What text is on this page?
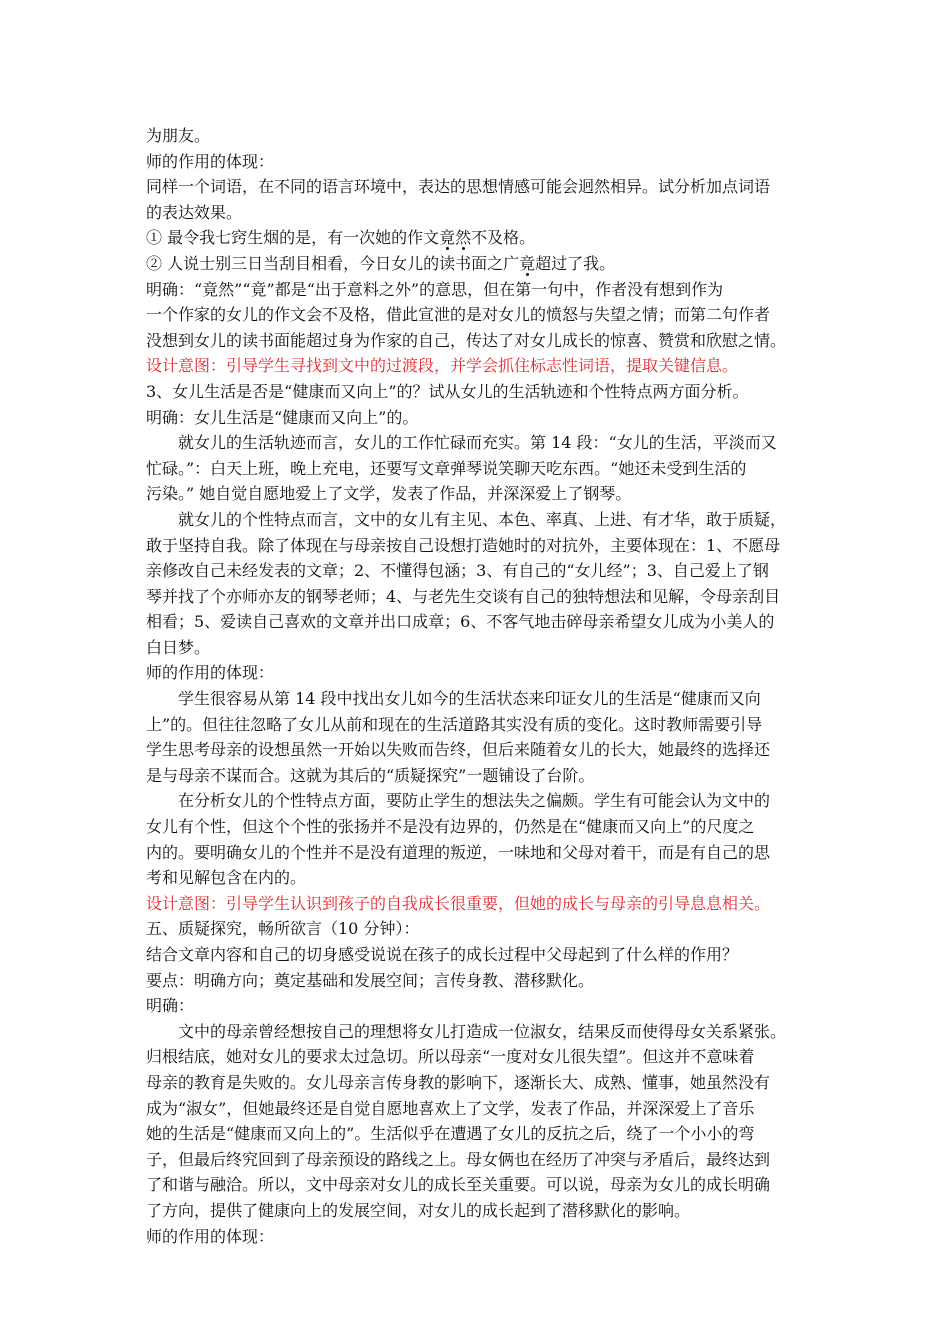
为朋友。
师的作用的体现：
同样一个词语，在不同的语言环境中，表达的思想情感可能会迥然相异。试分析加点词语
的表达效果。
① 最令我七窍生烟的是，有一次她的作文竟然不及格。
② 人说士别三日当刮目相看，今日女儿的读书面之广竟超过了我。
明确：“竟然”“竟”都是“出于意料之外”的意思，但在第一句中，作者没有想到作为
一个作家的女儿的作文会不及格，借此宣泄的是对女儿的愤怒与失望之情；而第二句作者
没想到女儿的读书面能超过身为作家的自己，传达了对女儿成长的惊喜、赞赏和欣慰之情。
设计意图：引导学生寻找到文中的过渡段，并学会抓住标志性词语，提取关键信息。
3、女儿生活是否是“健康而又向上”的？试从女儿的生活轨迹和个性特点两方面分析。
明确：女儿生活是“健康而又向上”的。
就女儿的生活轨迹而言，女儿的工作忙碌而充实。第 14 段：“女儿的生活，平淡而又
忙碌。”：白天上班，晚上充电，还要写文章弹琴说笑聊天吃东西。“她还未受到生活的
污染。” 她自觉自愿地爱上了文学，发表了作品，并深深爱上了钢琴。
就女儿的个性特点而言，文中的女儿有主见、本色、率真、上进、有才华，敢于质疑，
敢于坚持自我。除了体现在与母亲按自己设想打造她时的对抗外，主要体现在：1、不愿母
亲修改自己未经发表的文章；2、不懂得包涵；3、有自己的“女儿经”；3、自己爱上了钢
琴并找了个亦师亦友的钢琴老师；4、与老先生交谈有自己的独特想法和见解，令母亲刮目
相看；5、爱读自己喜欢的文章并出口成章；6、不客气地击碎母亲希望女儿成为小美人的
白日梦。
师的作用的体现：
学生很容易从第 14 段中找出女儿如今的生活状态来印证女儿的生活是“健康而又向
上”的。但往往忽略了女儿从前和现在的生活道路其实没有质的变化。这时教师需要引导
学生思考母亲的设想虽然一开始以失败而告终，但后来随着女儿的长大，她最终的选择还
是与母亲不谋而合。这就为其后的“质疑探究”一题铺设了台阶。
在分析女儿的个性特点方面，要防止学生的想法失之偏颇。学生有可能会认为文中的
女儿有个性，但这个个性的张扬并不是没有边界的，仍然是在“健康而又向上”的尺度之
内的。要明确女儿的个性并不是没有道理的叛逆，一味地和父母对着干，而是有自己的思
考和见解包含在内的。
设计意图：引导学生认识到孩子的自我成长很重要，但她的成长与母亲的引导息息相关。
五、质疑探究，畅所欲言（10 分钟）：
结合文章内容和自己的切身感受说说在孩子的成长过程中父母起到了什么样的作用？
要点：明确方向；奠定基础和发展空间；言传身教、潜移默化。
明确：
文中的母亲曾经想按自己的理想将女儿打造成一位淑女，结果反而使得母女关系紧张。
归根结底，她对女儿的要求太过急切。所以母亲“一度对女儿很失望”。但这并不意味着
母亲的教育是失败的。女儿母亲言传身教的影响下，逐渐长大、成熟、懂事，她虽然没有
成为“淑女”，但她最终还是自觉自愿地喜欢上了文学，发表了作品，并深深爱上了音乐
她的生活是“健康而又向上的”。生活似乎在遭遇了女儿的反抗之后，绕了一个小小的弯
子，但最后终究回到了母亲预设的路线之上。母女俩也在经历了冲突与矛盾后，最终达到
了和谐与融洽。所以，文中母亲对女儿的成长至关重要。可以说，母亲为女儿的成长明确
了方向，提供了健康向上的发展空间，对女儿的成长起到了潜移默化的影响。
师的作用的体现：
